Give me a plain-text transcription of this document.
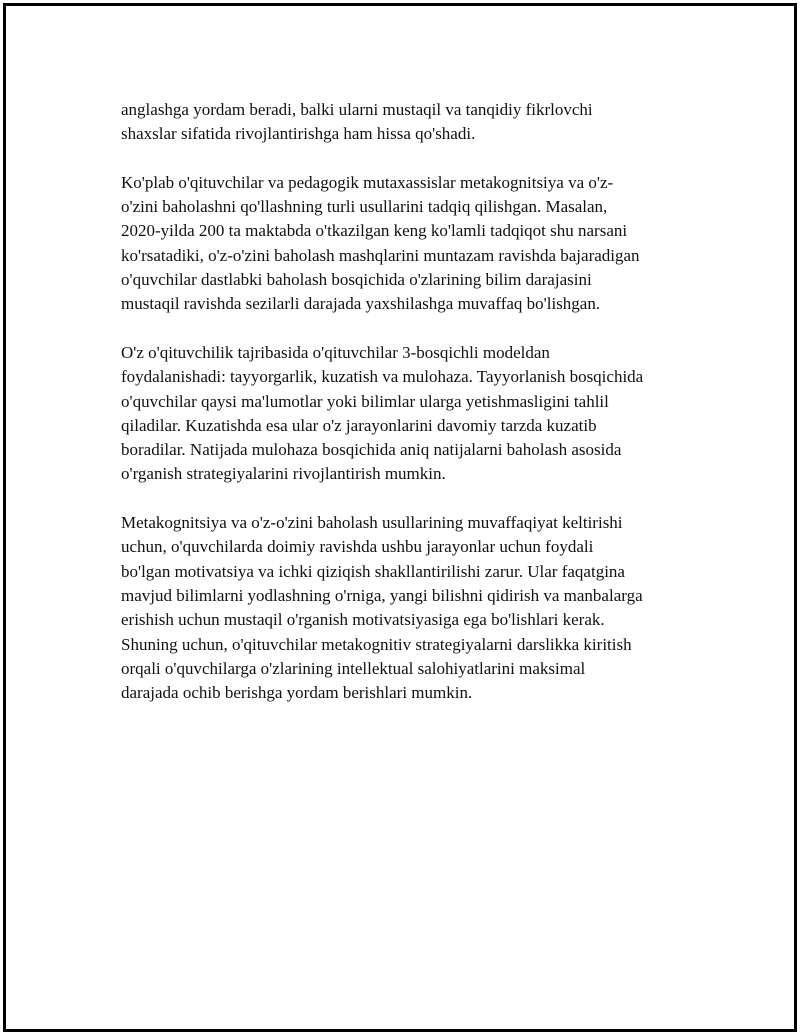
anglashga yordam beradi, balki ularni mustaqil va tanqidiy fikrlovchi
shaxslar sifatida rivojlantirishga ham hissa qo'shadi.

Ko'plab o'qituvchilar va pedagogik mutaxassislar metakognitsiya va o'z-
o'zini baholashni qo'llashning turli usullarini tadqiq qilishgan. Masalan,
2020-yilda 200 ta maktabda o'tkazilgan keng ko'lamli tadqiqot shu narsani
ko'rsatadiki, o'z-o'zini baholash mashqlarini muntazam ravishda bajaradigan
o'quvchilar dastlabki baholash bosqichida o'zlarining bilim darajasini
mustaqil ravishda sezilarli darajada yaxshilashga muvaffaq bo'lishgan.

O'z o'qituvchilik tajribasida o'qituvchilar 3-bosqichli modeldan
foydalanishadi: tayyorgarlik, kuzatish va mulohaza. Tayyorlanish bosqichida
o'quvchilar qaysi ma'lumotlar yoki bilimlar ularga yetishmasligini tahlil
qiladilar. Kuzatishda esa ular o'z jarayonlarini davomiy tarzda kuzatib
boradilar. Natijada mulohaza bosqichida aniq natijalarni baholash asosida
o'rganish strategiyalarini rivojlantirish mumkin.

Metakognitsiya va o'z-o'zini baholash usullarining muvaffaqiyat keltirishi
uchun, o'quvchilarda doimiy ravishda ushbu jarayonlar uchun foydali
bo'lgan motivatsiya va ichki qiziqish shakllantirilishi zarur. Ular faqatgina
mavjud bilimlarni yodlashning o'rniga, yangi bilishni qidirish va manbalarga
erishish uchun mustaqil o'rganish motivatsiyasiga ega bo'lishlari kerak.
Shuning uchun, o'qituvchilar metakognitiv strategiyalarni darslikka kiritish
orqali o'quvchilarga o'zlarining intellektual salohiyatlarini maksimal
darajada ochib berishga yordam berishlari mumkin.
